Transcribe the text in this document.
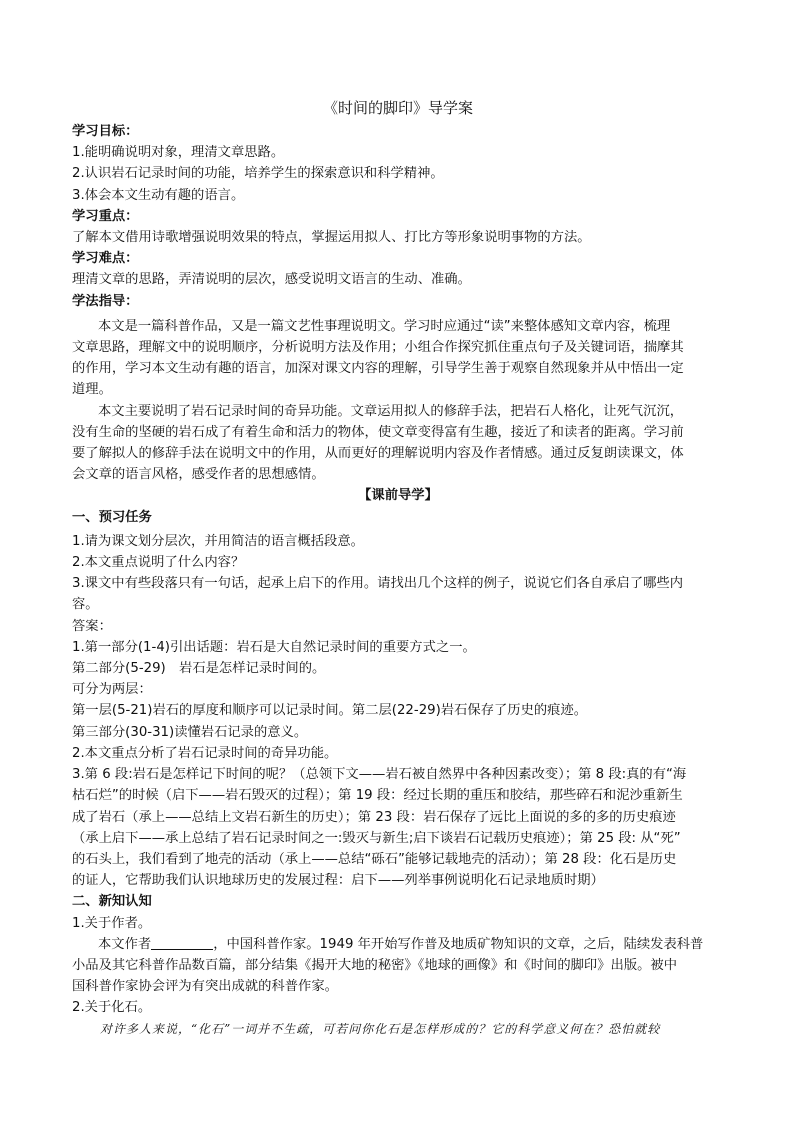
《时间的脚印》导学案
学习目标：
1.能明确说明对象，理清文章思路。
2.认识岩石记录时间的功能，培养学生的探索意识和科学精神。
3.体会本文生动有趣的语言。
学习重点：
了解本文借用诗歌增强说明效果的特点，掌握运用拟人、打比方等形象说明事物的方法。
学习难点：
理清文章的思路，弄清说明的层次，感受说明文语言的生动、准确。
学法指导：
本文是一篇科普作品，又是一篇文艺性事理说明文。学习时应通过“读”来整体感知文章内容，梳理
文章思路，理解文中的说明顺序，分析说明方法及作用；小组合作探究抓住重点句子及关键词语，揣摩其
的作用，学习本文生动有趣的语言，加深对课文内容的理解，引导学生善于观察自然现象并从中悟出一定
道理。
本文主要说明了岩石记录时间的奇异功能。文章运用拟人的修辞手法，把岩石人格化，让死气沉沉，
没有生命的坚硬的岩石成了有着生命和活力的物体，使文章变得富有生趣，接近了和读者的距离。学习前
要了解拟人的修辞手法在说明文中的作用，从而更好的理解说明内容及作者情感。通过反复朗读课文，体
会文章的语言风格，感受作者的思想感情。
【课前导学】
一、预习任务
1.请为课文划分层次，并用简洁的语言概括段意。
2.本文重点说明了什么内容？
3.课文中有些段落只有一句话，起承上启下的作用。请找出几个这样的例子，说说它们各自承启了哪些内
容。
答案：
1.第一部分(1-4)引出话题：岩石是大自然记录时间的重要方式之一。
第二部分(5-29)　岩石是怎样记录时间的。
可分为两层：
第一层(5-21)岩石的厚度和顺序可以记录时间。第二层(22-29)岩石保存了历史的痕迹。
第三部分(30-31)读懂岩石记录的意义。
2.本文重点分析了岩石记录时间的奇异功能。
3.第 6 段:岩石是怎样记下时间的呢？（总领下文——岩石被自然界中各种因素改变）；第 8 段:真的有“海
枯石烂”的时候（启下——岩石毁灭的过程）；第 19 段：经过长期的重压和胶结，那些碎石和泥沙重新生
成了岩石（承上——总结上文岩石新生的历史）；第 23 段：岩石保存了远比上面说的多的多的历史痕迹
（承上启下——承上总结了岩石记录时间之一:毁灭与新生;启下谈岩石记载历史痕迹）；第 25 段: 从“死”
的石头上，我们看到了地壳的活动（承上——总结“砾石”能够记载地壳的活动）；第 28 段：化石是历史
的证人，它帮助我们认识地球历史的发展过程：启下——列举事例说明化石记录地质时期）
二、新知认知
1.关于作者。
本文作者	，中国科普作家。1949 年开始写作普及地质矿物知识的文章，之后，陆续发表科普
小品及其它科普作品数百篇，部分结集《揭开大地的秘密》《地球的画像》和《时间的脚印》出版。被中
国科普作家协会评为有突出成就的科普作家。
2.关于化石。
对许多人来说，“化石”一词并不生疏，可若问你化石是怎样形成的？它的科学意义何在？恐怕就较
